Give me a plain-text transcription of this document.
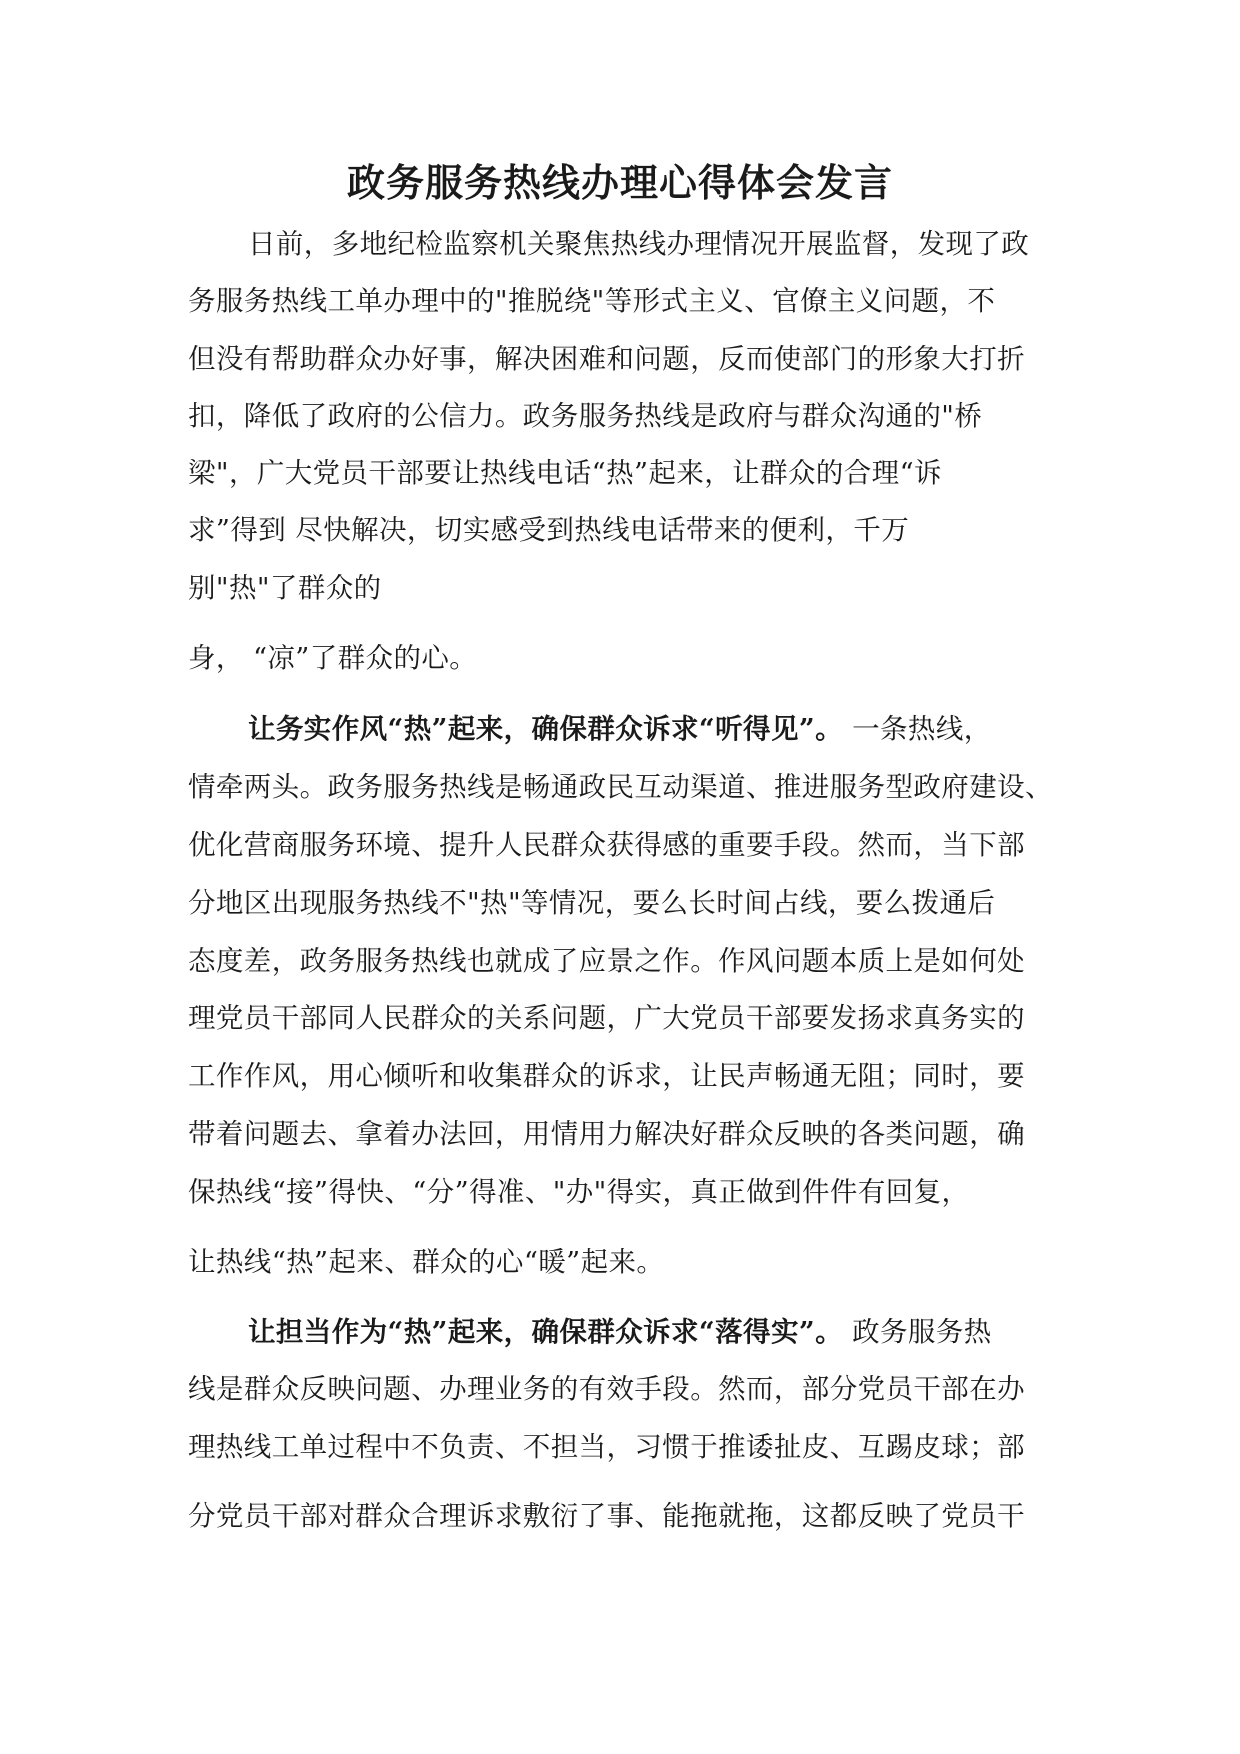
政务服务热线办理心得体会发言

日前，多地纪检监察机关聚焦热线办理情况开展监督，发现了政

务服务热线工单办理中的"推脱绕"等形式主义、官僚主义问题，不

但没有帮助群众办好事，解决困难和问题，反而使部门的形象大打折

扣，降低了政府的公信力。政务服务热线是政府与群众沟通的"桥

梁"，广大党员干部要让热线电话“热”起来，让群众的合理“诉

求”得到 尽快解决，切实感受到热线电话带来的便利，千万

别"热"了群众的

身， “凉”了群众的心。

让务实作风“热”起来，确保群众诉求“听得见”。 一条热线，

情牵两头。政务服务热线是畅通政民互动渠道、推进服务型政府建设、

优化营商服务环境、提升人民群众获得感的重要手段。然而，当下部

分地区出现服务热线不"热"等情况，要么长时间占线，要么拨通后

态度差，政务服务热线也就成了应景之作。作风问题本质上是如何处

理党员干部同人民群众的关系问题，广大党员干部要发扬求真务实的

工作作风，用心倾听和收集群众的诉求，让民声畅通无阻；同时，要

带着问题去、拿着办法回，用情用力解决好群众反映的各类问题，确

保热线“接”得快、“分”得准、"办"得实，真正做到件件有回复，

让热线“热”起来、群众的心“暖”起来。

让担当作为“热”起来，确保群众诉求“落得实”。 政务服务热

线是群众反映问题、办理业务的有效手段。然而，部分党员干部在办

理热线工单过程中不负责、不担当，习惯于推诿扯皮、互踢皮球；部

分党员干部对群众合理诉求敷衍了事、能拖就拖，这都反映了党员干
